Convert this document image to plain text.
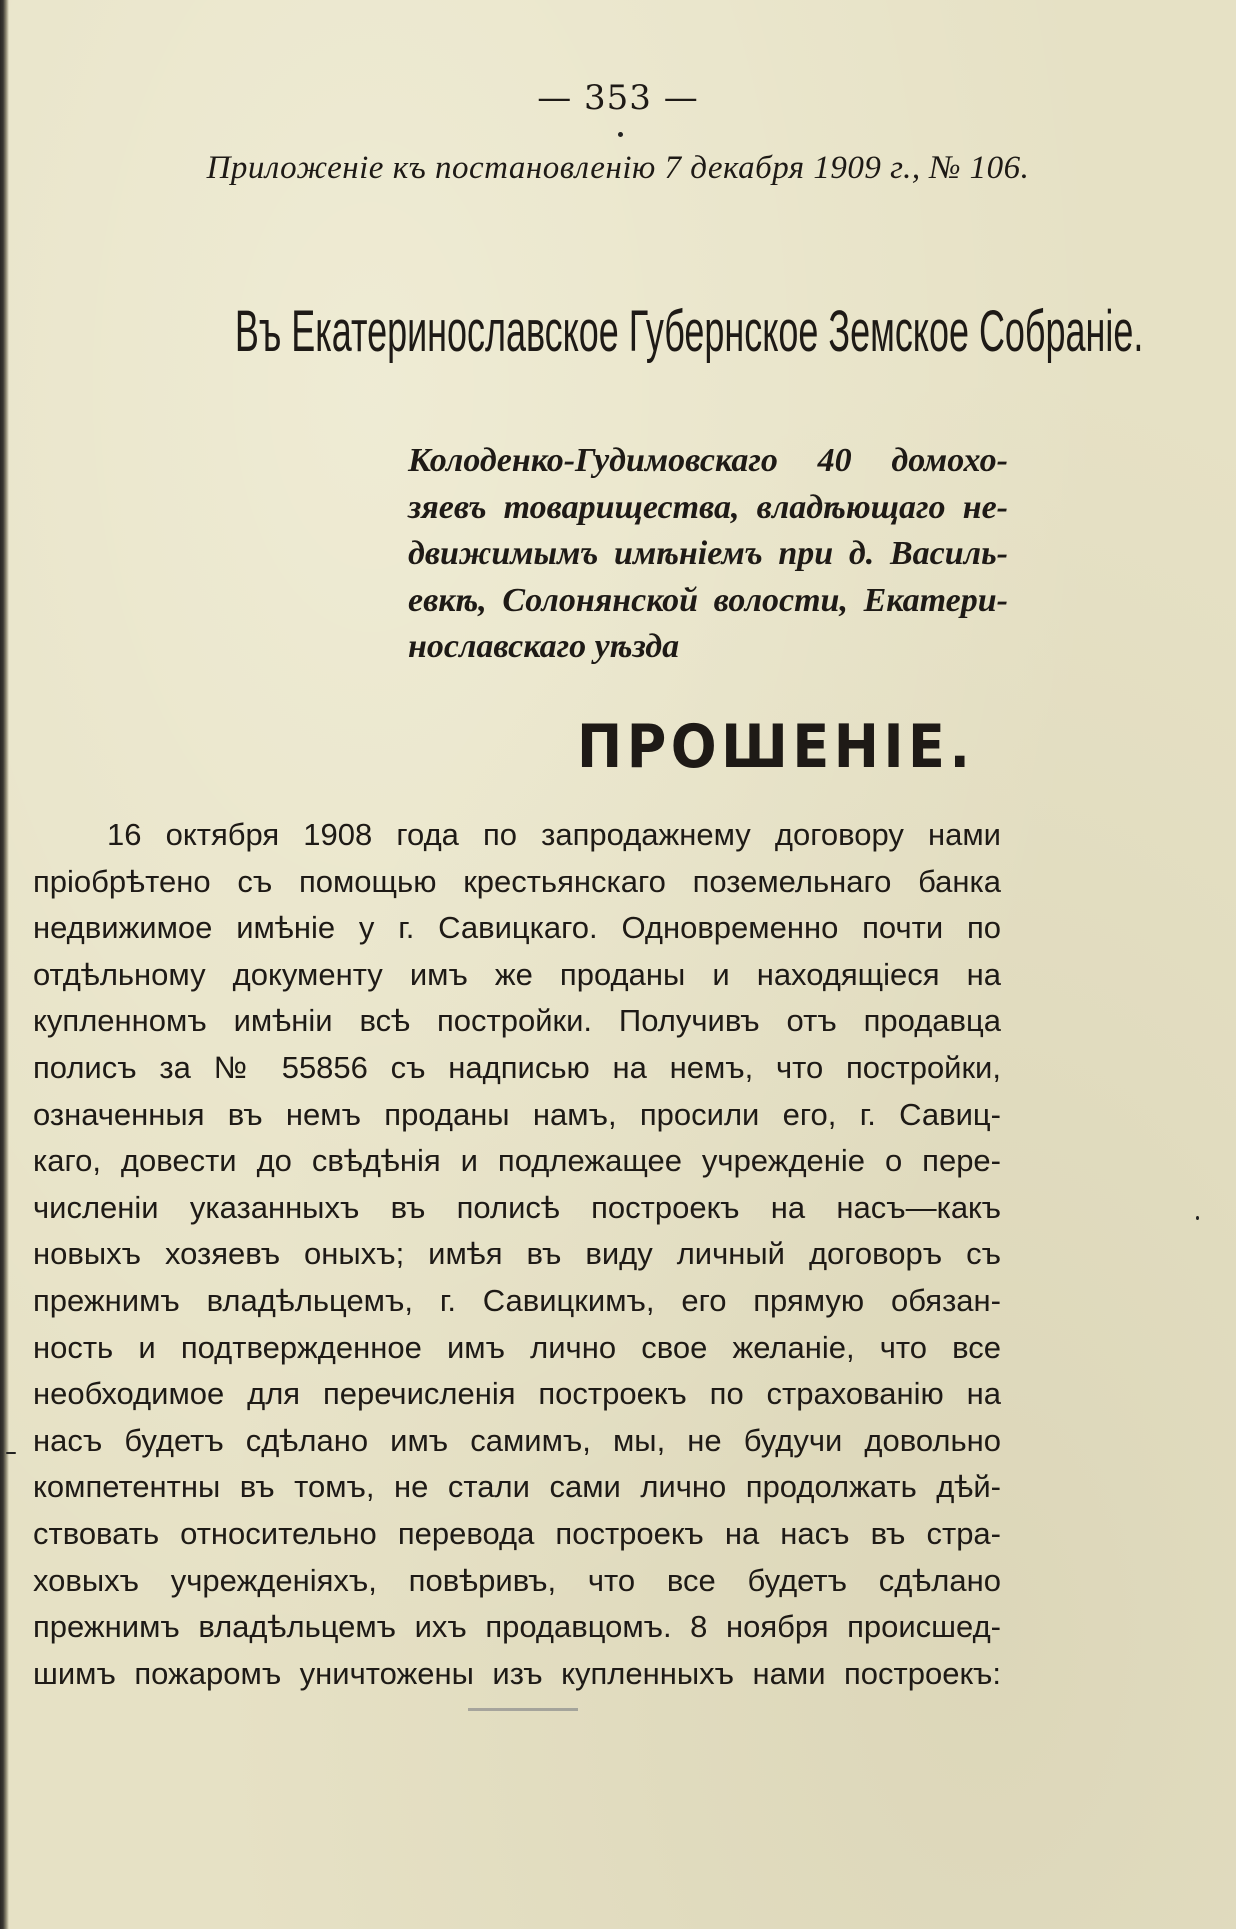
— 353 —
Приложеніе къ постановленію 7 декабря 1909 г., № 106.
Въ Екатеринославское Губернское Земское Собраніе.
Колоденко-Гудимовскаго 40 домохо-
зяевъ товарищества, владѣющаго не-
движимымъ имѣніемъ при д. Василь-
евкѣ, Солонянской волости, Екатери-
нославскаго уѣзда
ПРОШЕНІЕ.
16 октября 1908 года по запродажнему договору нами
пріобрѣтено съ помощью крестьянскаго поземельнаго банка
недвижимое имѣніе у г. Савицкаго. Одновременно почти по
отдѣльному документу имъ же проданы и находящіеся на
купленномъ имѣніи всѣ постройки. Получивъ отъ продавца
полисъ за № 55856 съ надписью на немъ, что постройки,
означенныя въ немъ проданы намъ, просили его, г. Савиц-
каго, довести до свѣдѣнія и подлежащее учрежденіе о пере-
численіи указанныхъ въ полисѣ построекъ на насъ—какъ
новыхъ хозяевъ оныхъ; имѣя въ виду личный договоръ съ
прежнимъ владѣльцемъ, г. Савицкимъ, его прямую обязан-
ность и подтвержденное имъ лично свое желаніе, что все
необходимое для перечисленія построекъ по страхованію на
насъ будетъ сдѣлано имъ самимъ, мы, не будучи довольно
компетентны въ томъ, не стали сами лично продолжать дѣй-
ствовать относительно перевода построекъ на насъ въ стра-
ховыхъ учрежденіяхъ, повѣривъ, что все будетъ сдѣлано
прежнимъ владѣльцемъ ихъ продавцомъ. 8 ноября происшед-
шимъ пожаромъ уничтожены изъ купленныхъ нами построекъ:
